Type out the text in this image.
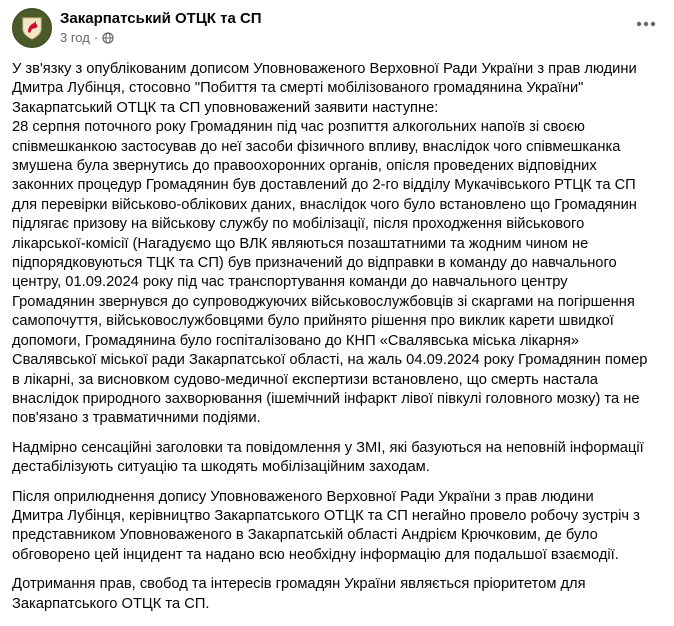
Закарпатський ОТЦК та СП
3 год ·

У зв'язку з опублікованим дописом Уповноваженого Верховної Ради України з прав людини
Дмитра Лубінця, стосовно "Побиття та смерті мобілізованого громадянина України"
Закарпатський ОТЦК та СП уповноважений заявити наступне:
28 серпня поточного року Громадянин під час розпиття алкогольних напоїв зі своєю
співмешканкою застосував до неї засоби фізичного впливу, внаслідок чого співмешканка
змушена була звернутись до правоохоронних органів, опісля проведених відповідних
законних процедур Громадянин був доставлений до 2-го відділу Мукачівського РТЦК та СП
для перевірки військово-облікових даних, внаслідок чого було встановлено що Громадянин
підлягає призову на військову службу по мобілізації, після проходження військового
лікарської-комісії (Нагадуємо що ВЛК являються позаштатними та жодним чином не
підпорядковуються ТЦК та СП) був призначений до відправки в команду до навчального
центру, 01.09.2024 року під час транспортування команди до навчального центру
Громадянин звернувся до супроводжуючих військовослужбовців зі скаргами на погіршення
самопочуття, військовослужбовцями було прийнято рішення про виклик карети швидкої
допомоги, Громадянина було госпіталізовано до КНП «Свалявська міська лікарня»
Свалявської міської ради Закарпатської області, на жаль 04.09.2024 року Громадянин помер
в лікарні, за висновком судово-медичної експертизи встановлено, що смерть настала
внаслідок природного захворювання (ішемічний інфаркт лівої півкулі головного мозку) та не
пов'язано з травматичними подіями.

Надмірно сенсаційні заголовки та повідомлення у ЗМІ, які базуються на неповній інформації
дестабілізують ситуацію та шкодять мобілізаційним заходам.

Після оприлюднення допису Уповноваженого Верховної Ради України з прав людини
Дмитра Лубінця, керівництво Закарпатського ОТЦК та СП негайно провело робочу зустріч з
представником Уповноваженого в Закарпатській області Андрієм Крючковим, де було
обговорено цей інцидент та надано всю необхідну інформацію для подальшої взаємодії.

Дотримання прав, свобод та інтересів громадян України являється пріоритетом для
Закарпатського ОТЦК та СП.
